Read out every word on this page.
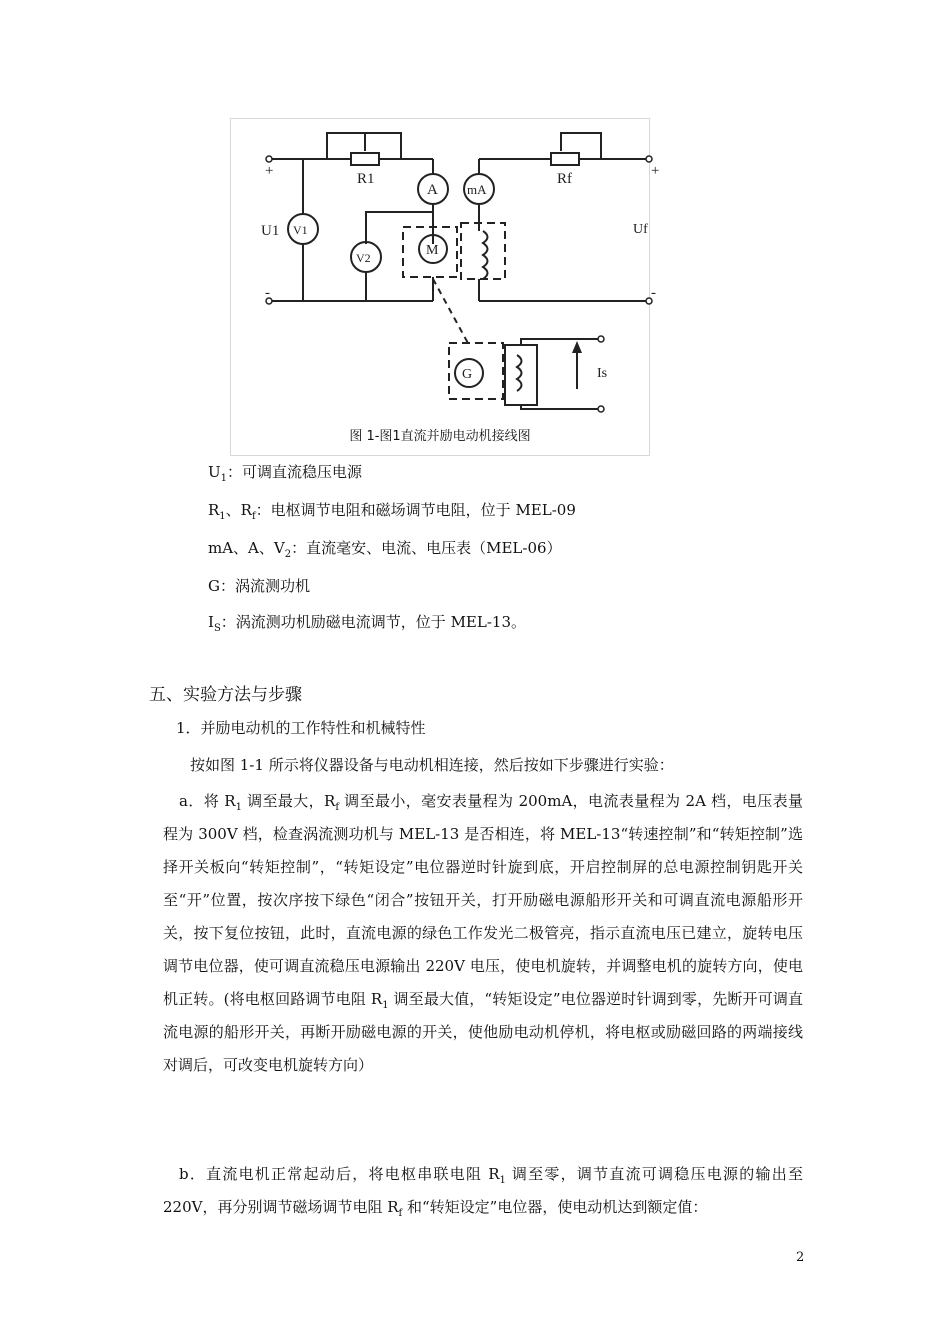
+
-
+
-
R1	Rf
A mA
U1 V1
V2	M
Uf
G	Is
图 1-图1直流并励电动机接线图
$U_1$：可调直流稳压电源
$R_1$、$R_f$：电枢调节电阻和磁场调节电阻，位于 MEL-09
mA、A、$V_2$：直流毫安、电流、电压表（MEL-06）
G：涡流测功机
$I_S$：涡流测功机励磁电流调节，位于 MEL-13。
五、实验方法与步骤
1．并励电动机的工作特性和机械特性
按如图 1-1 所示将仪器设备与电动机相连接，然后按如下步骤进行实验：
a．将 $R_1$ 调至最大，$R_f$ 调至最小，毫安表量程为 200mA，电流表量程为 2A 档，电压表量程为 300V 档，检查涡流测功机与 MEL-13 是否相连，将 MEL-13“转速控制”和“转矩控制”选择开关板向“转矩控制”，“转矩设定”电位器逆时针旋到底，开启控制屏的总电源控制钥匙开关至“开”位置，按次序按下绿色“闭合”按钮开关，打开励磁电源船形开关和可调直流电源船形开关，按下复位按钮，此时，直流电源的绿色工作发光二极管亮，指示直流电压已建立，旋转电压调节电位器，使可调直流稳压电源输出 220V 电压，使电机旋转，并调整电机的旋转方向，使电机正转。(将电枢回路调节电阻 $R_1$ 调至最大值，“转矩设定”电位器逆时针调到零，先断开可调直流电源的船形开关，再断开励磁电源的开关，使他励电动机停机，将电枢或励磁回路的两端接线对调后，可改变电机旋转方向）
b．直流电机正常起动后，将电枢串联电阻 $R_1$ 调至零，调节直流可调稳压电源的输出至 220V，再分别调节磁场调节电阻 $R_f$ 和“转矩设定”电位器，使电动机达到额定值：
2
